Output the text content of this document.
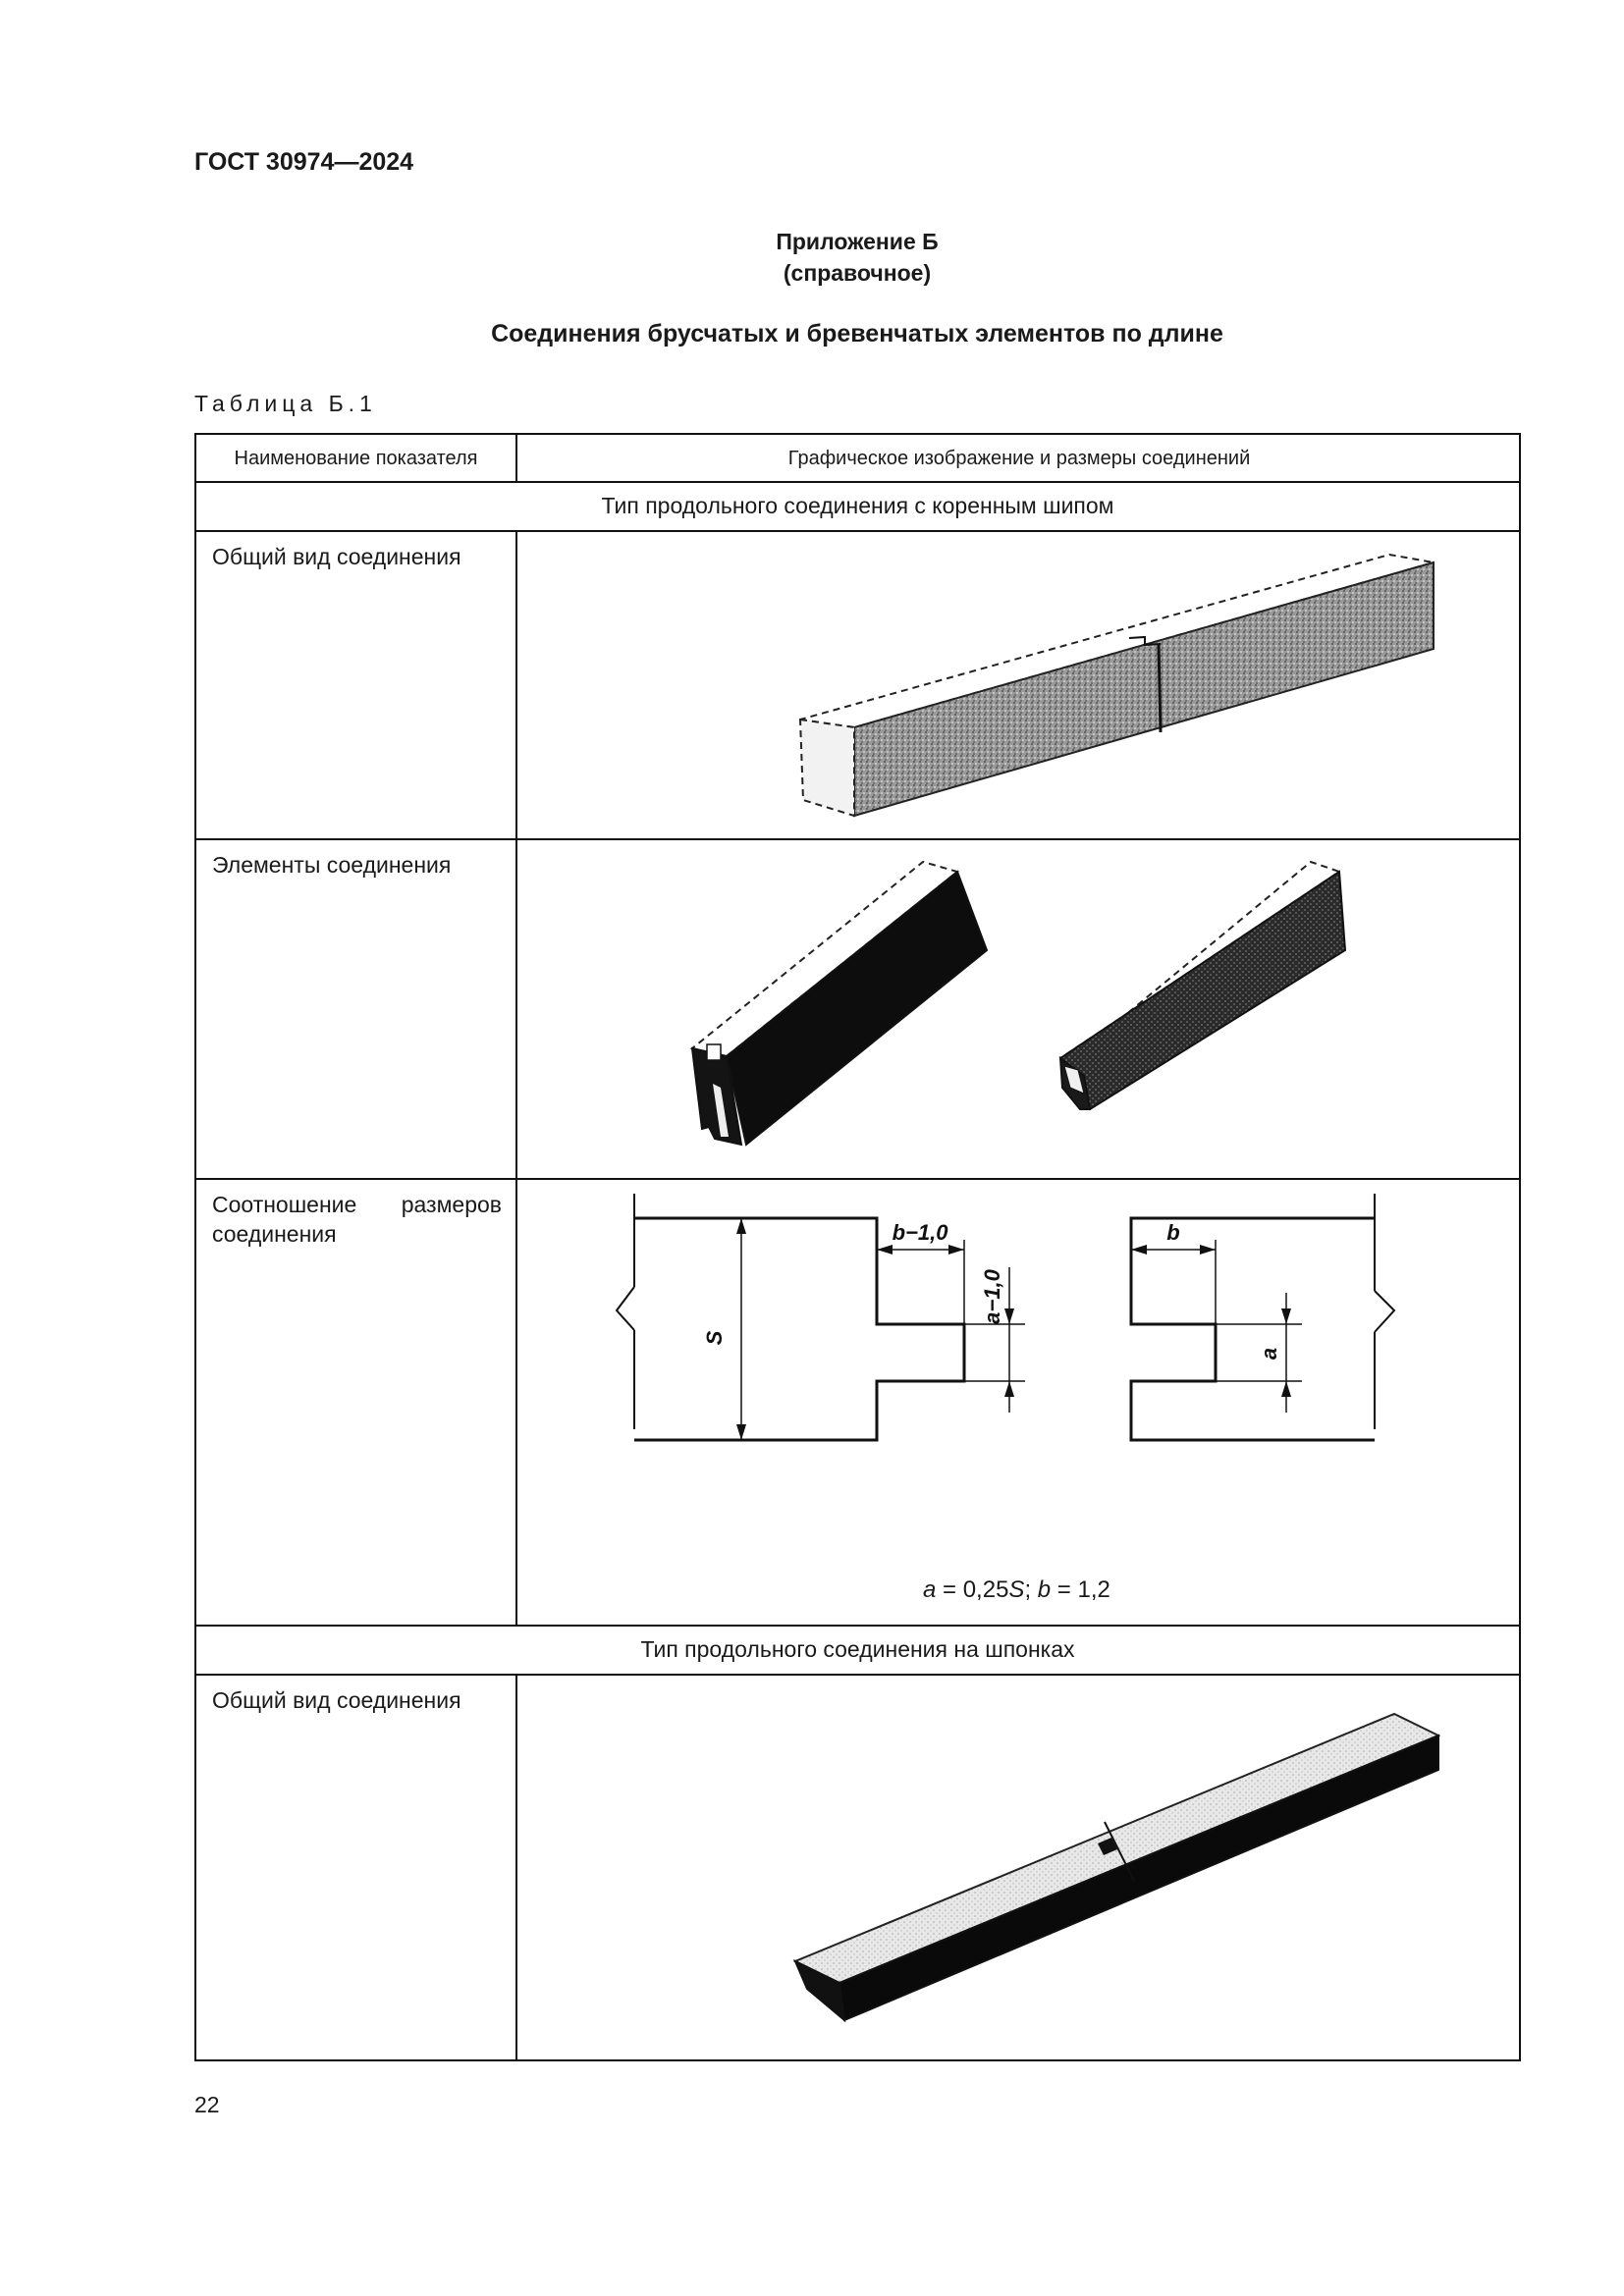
ГОСТ 30974—2024
Приложение Б
(справочное)
Соединения брусчатых и бревенчатых элементов по длине
Таблица Б.1
Наименование показателя	Графическое изображение и размеры соединений
Тип продольного соединения с коренным шипом
Общий вид соединения
Элементы соединения
Соотношение размеров соединения
Тип продольного соединения на шпонках
Общий вид соединения
S
b−1,0
a−1,0
b
a
a = 0,25S; b = 1,2
22
